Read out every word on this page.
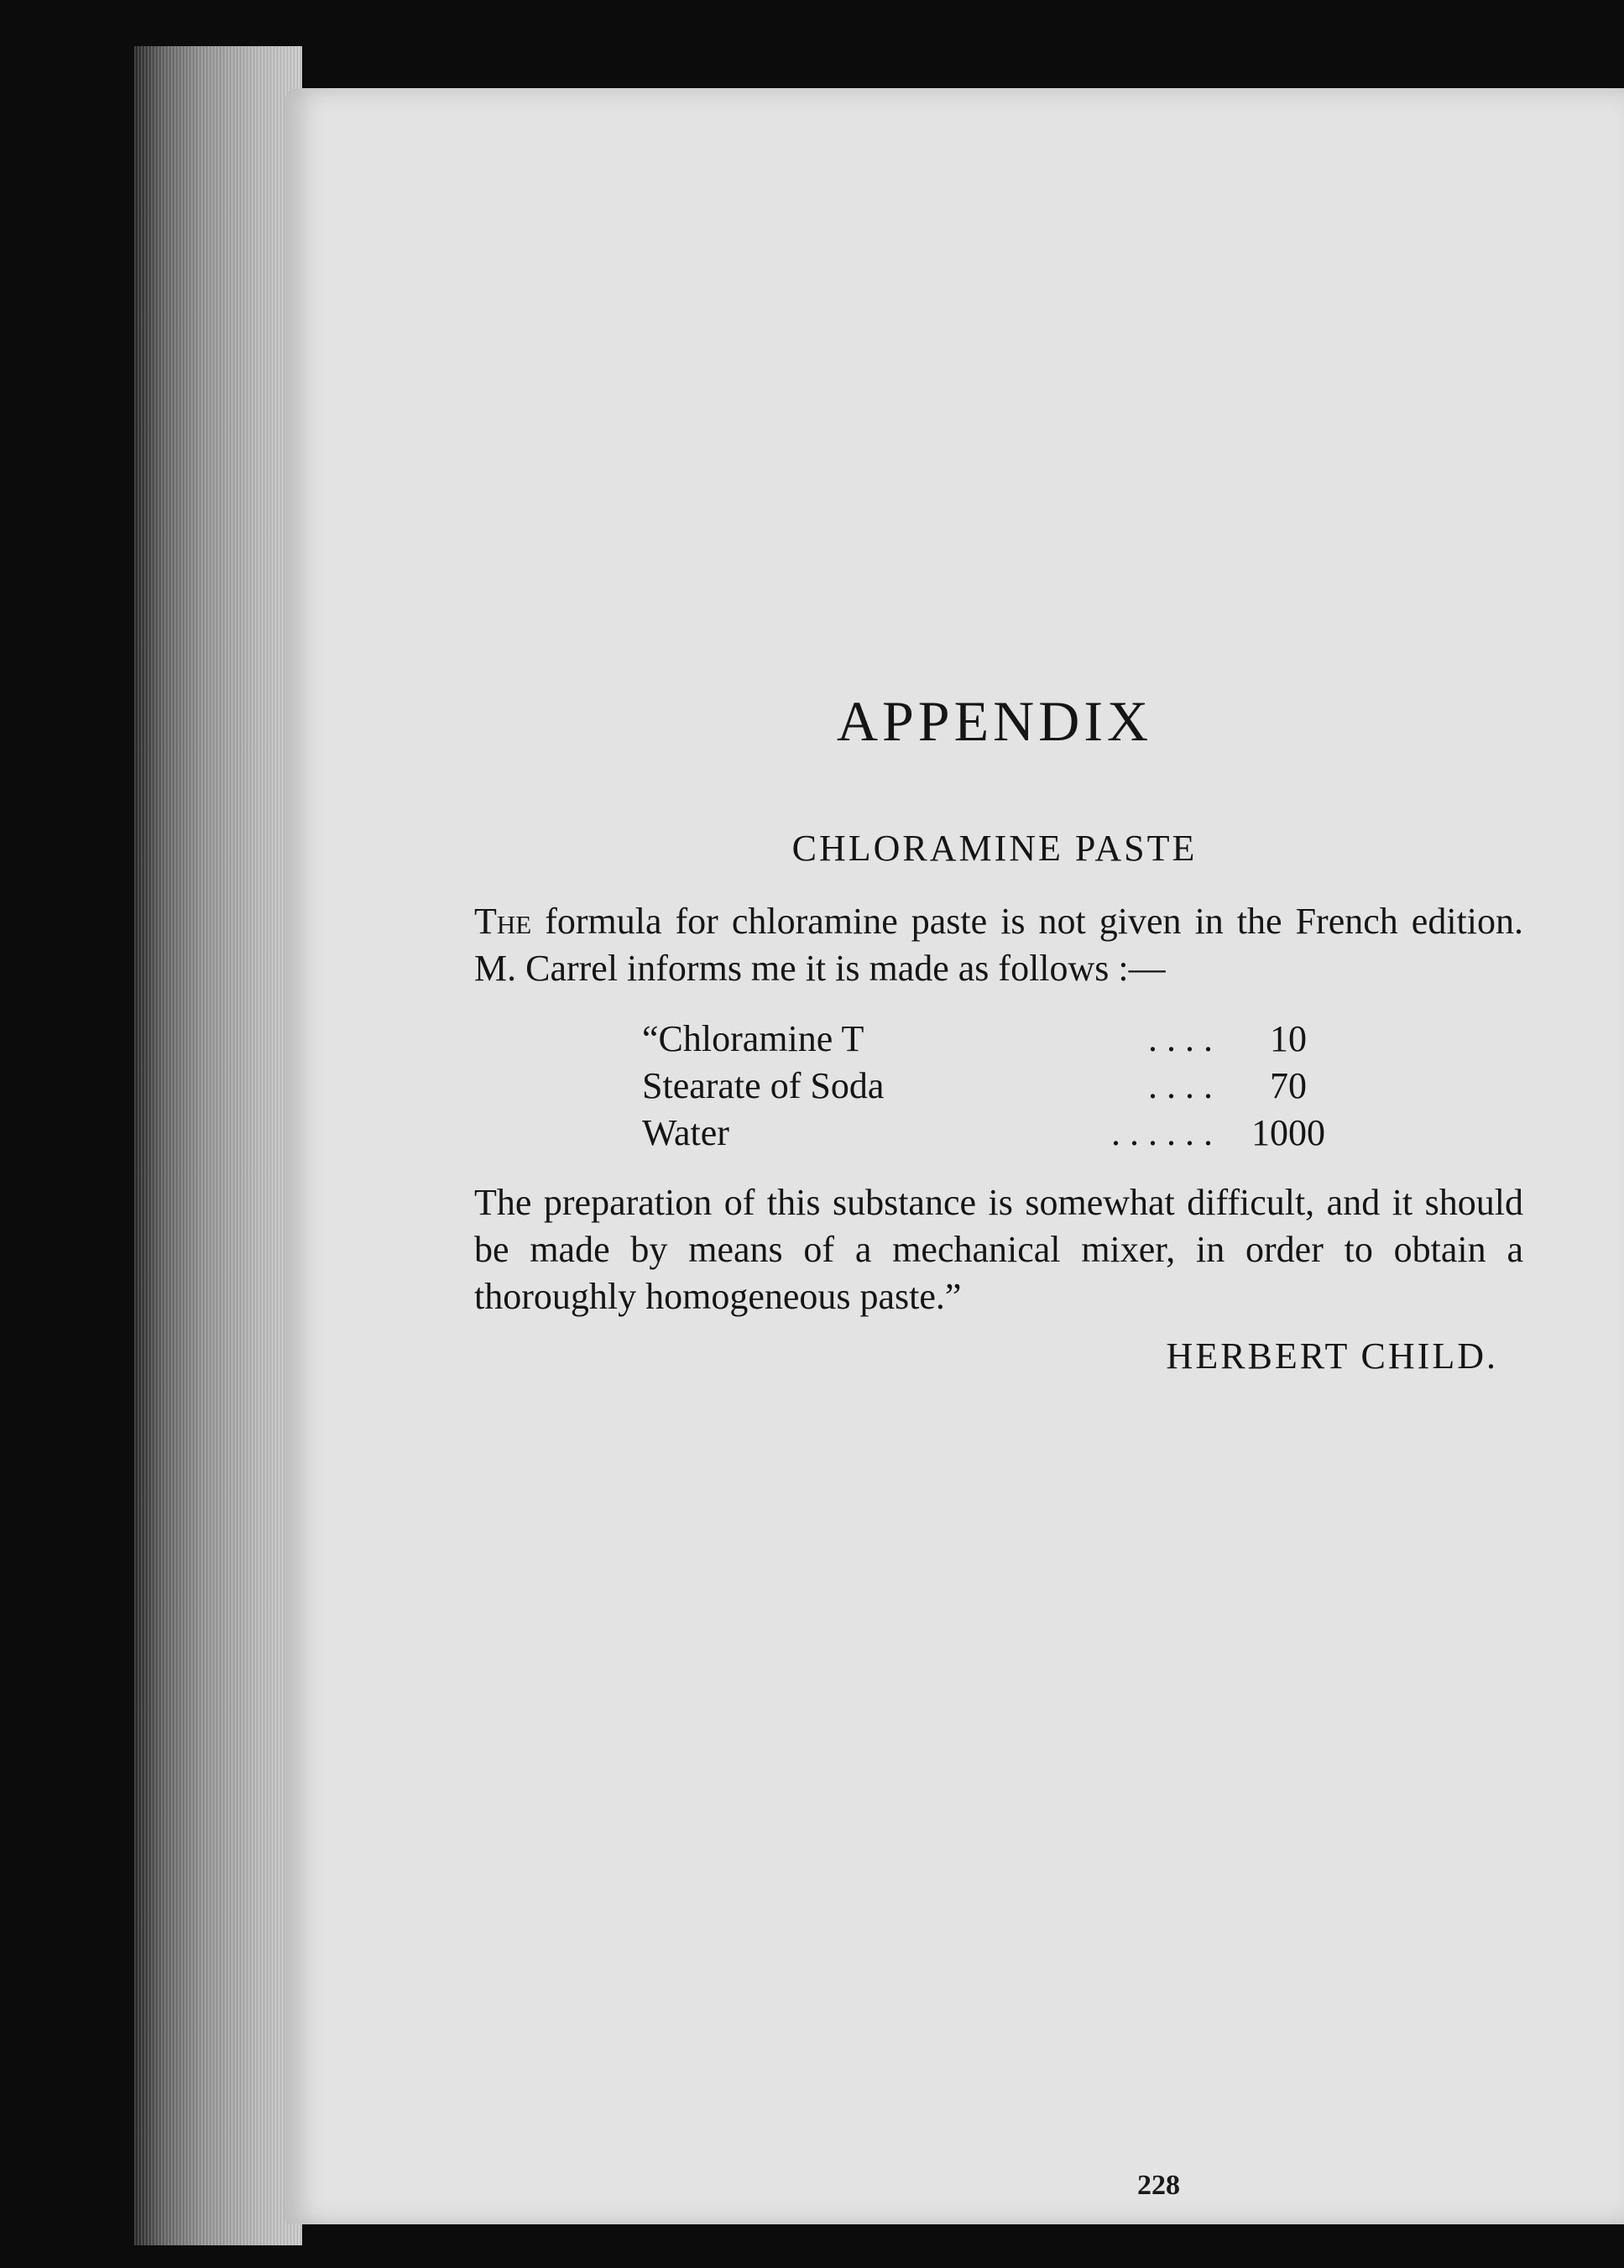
APPENDIX
CHLORAMINE PASTE

The formula for chloramine paste is not given in the French edition. M. Carrel informs me it is made as follows :—

“Chloramine T	. . . .	10
Stearate of Soda	. . . .	70
Water	. . . . . .	1000

The preparation of this substance is somewhat difficult, and it should be made by means of a mechanical mixer, in order to obtain a thoroughly homogeneous paste.”

HERBERT CHILD.
228
